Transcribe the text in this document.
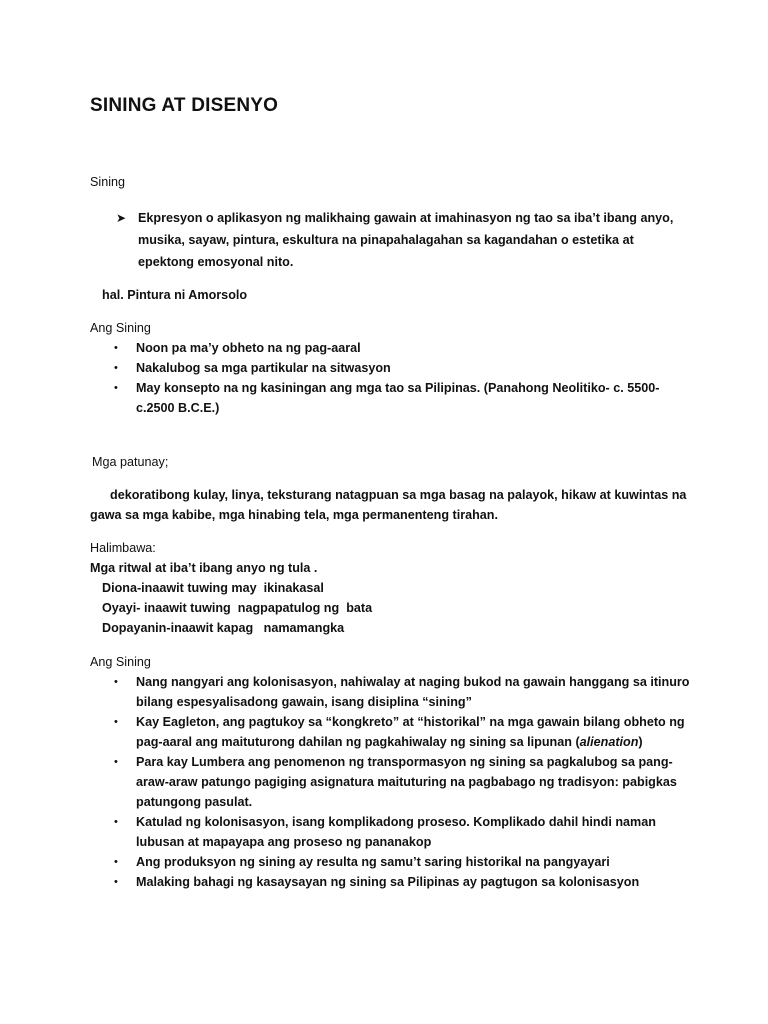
SINING AT DISENYO

Sining

➤ Ekpresyon o aplikasyon ng malikhaing gawain at imahinasyon ng tao sa iba’t ibang anyo, musika, sayaw, pintura, eskultura na pinapahalagahan sa kagandahan o estetika at epektong emosyonal nito.

hal. Pintura ni Amorsolo

Ang Sining
• Noon pa ma’y obheto na ng pag-aaral
• Nakalubog sa mga partikular na sitwasyon
• May konsepto na ng kasiningan ang mga tao sa Pilipinas. (Panahong Neolitiko- c. 5500- c.2500 B.C.E.)

Mga patunay;

dekoratibong kulay, linya, teksturang natagpuan sa mga basag na palayok, hikaw at kuwintas na gawa sa mga kabibe, mga hinabing tela, mga permanenteng tirahan.

Halimbawa:
Mga ritwal at iba’t ibang anyo ng tula .
Diona-inaawit tuwing may  ikinakasal
Oyayi- inaawit tuwing  nagpapatulog ng  bata
Dopayanin-inaawit kapag   namamangka
Ang Sining
• Nang nangyari ang kolonisasyon, nahiwalay at naging bukod na gawain hanggang sa itinuro bilang espesyalisadong gawain, isang disiplina “sining”
• Kay Eagleton, ang pagtukoy sa “kongkreto” at “historikal” na mga gawain bilang obheto ng pag-aaral ang maituturong dahilan ng pagkahiwalay ng sining sa lipunan (alienation)
• Para kay Lumbera ang penomenon ng transpormasyon ng sining sa pagkalubog sa pang-araw-araw patungo pagiging asignatura maituturing na pagbabago ng tradisyon: pabigkas patungong pasulat.
• Katulad ng kolonisasyon, isang komplikadong proseso. Komplikado dahil hindi naman lubusan at mapayapa ang proseso ng pananakop
• Ang produksyon ng sining ay resulta ng samu’t saring historikal na pangyayari
• Malaking bahagi ng kasaysayan ng sining sa Pilipinas ay pagtugon sa kolonisasyon
